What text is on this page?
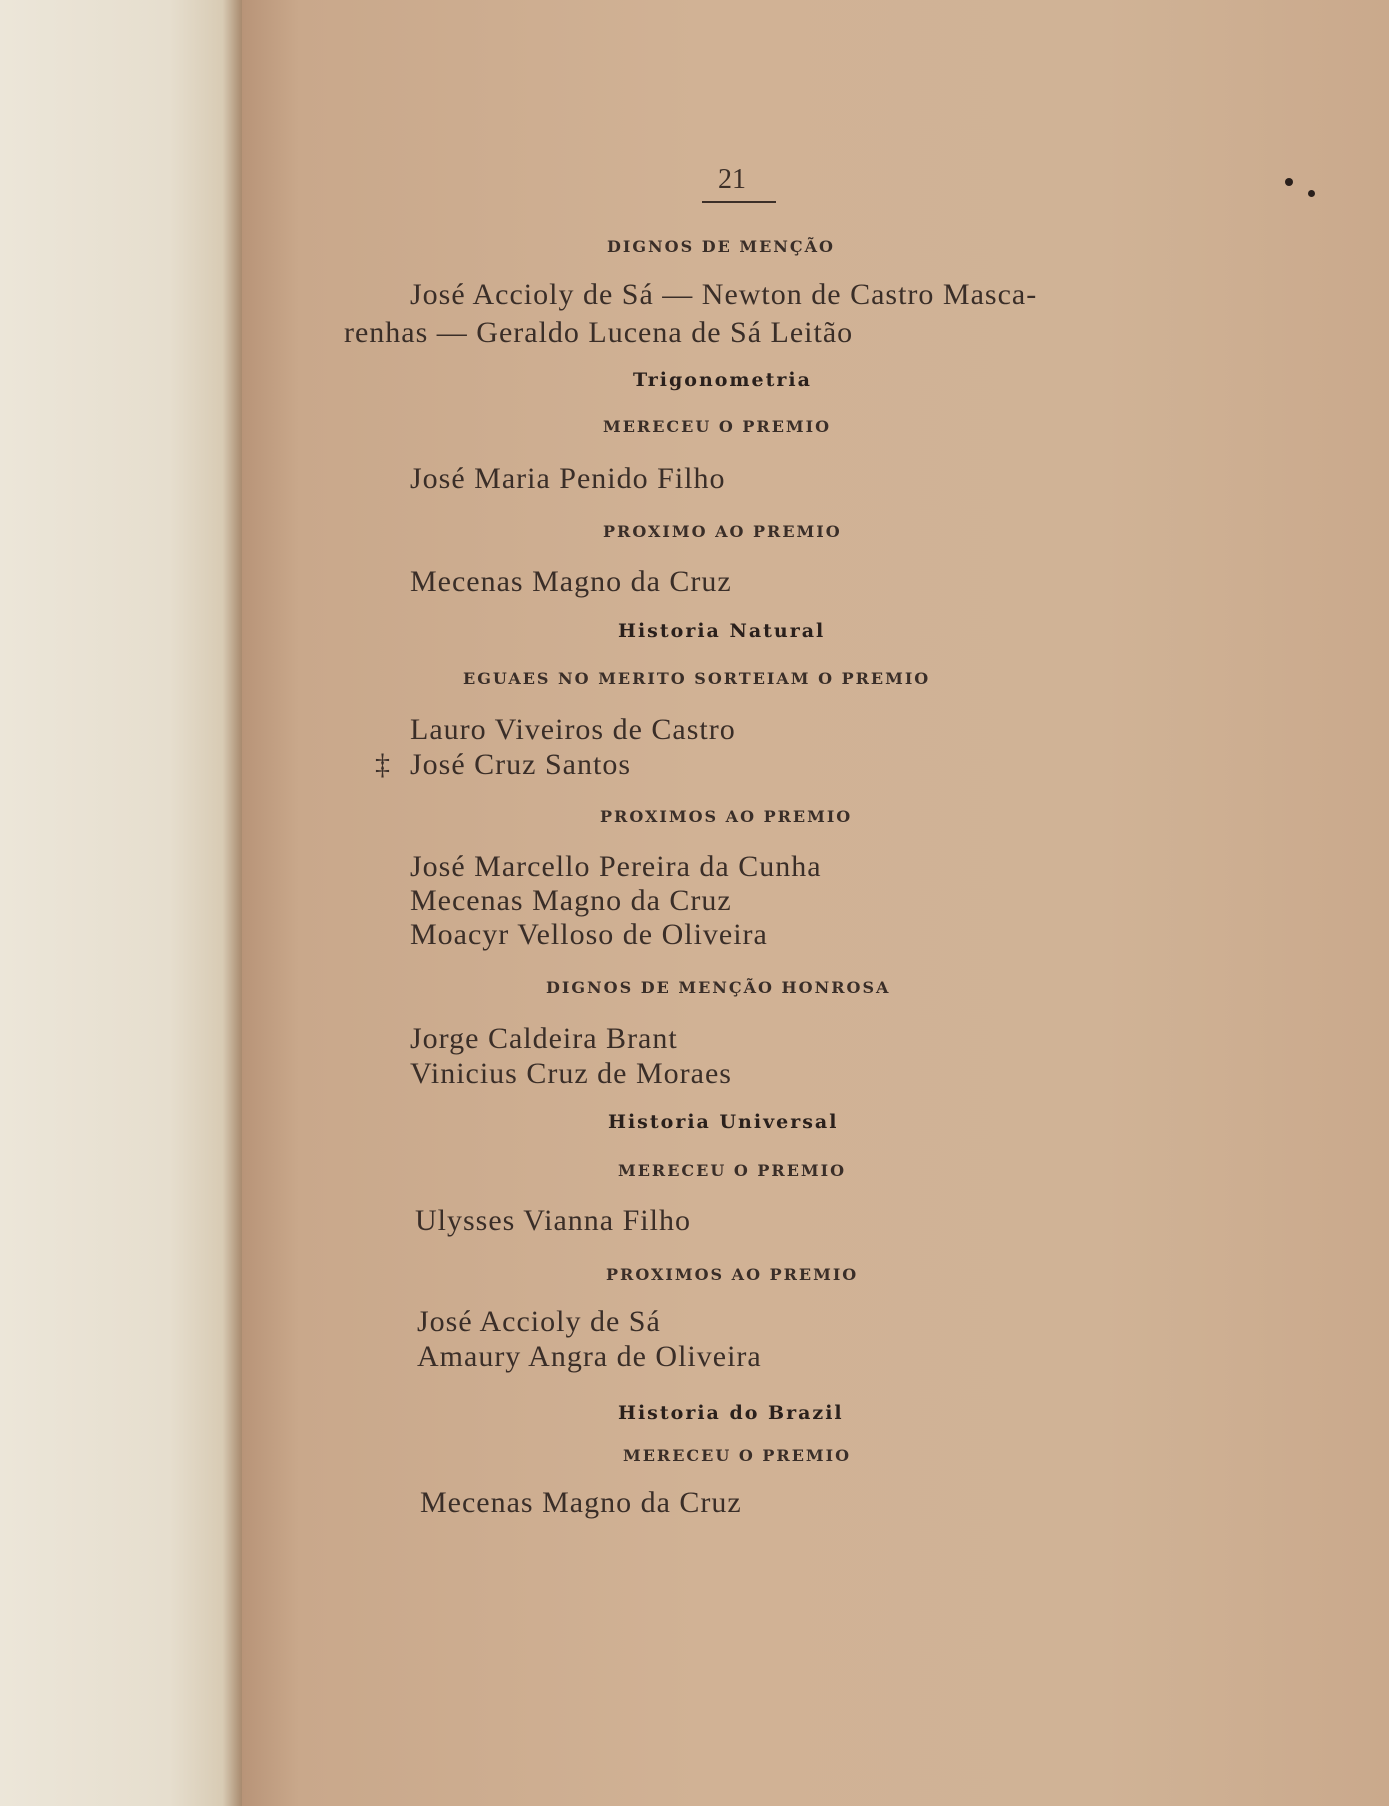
21
DIGNOS DE MENÇÃO
José Accioly de Sá — Newton de Castro Masca-
renhas — Geraldo Lucena de Sá Leitão
Trigonometria
MERECEU O PREMIO
José Maria Penido Filho
PROXIMO AO PREMIO
Mecenas Magno da Cruz
Historia Natural
EGUAES NO MERITO SORTEIAM O PREMIO
Lauro Viveiros de Castro
‡ José Cruz Santos
PROXIMOS AO PREMIO
José Marcello Pereira da Cunha
Mecenas Magno da Cruz
Moacyr Velloso de Oliveira
DIGNOS DE MENÇÃO HONROSA
Jorge Caldeira Brant
Vinicius Cruz de Moraes
Historia Universal
MERECEU O PREMIO
Ulysses Vianna Filho
PROXIMOS AO PREMIO
José Accioly de Sá
Amaury Angra de Oliveira
Historia do Brazil
MERECEU O PREMIO
Mecenas Magno da Cruz
